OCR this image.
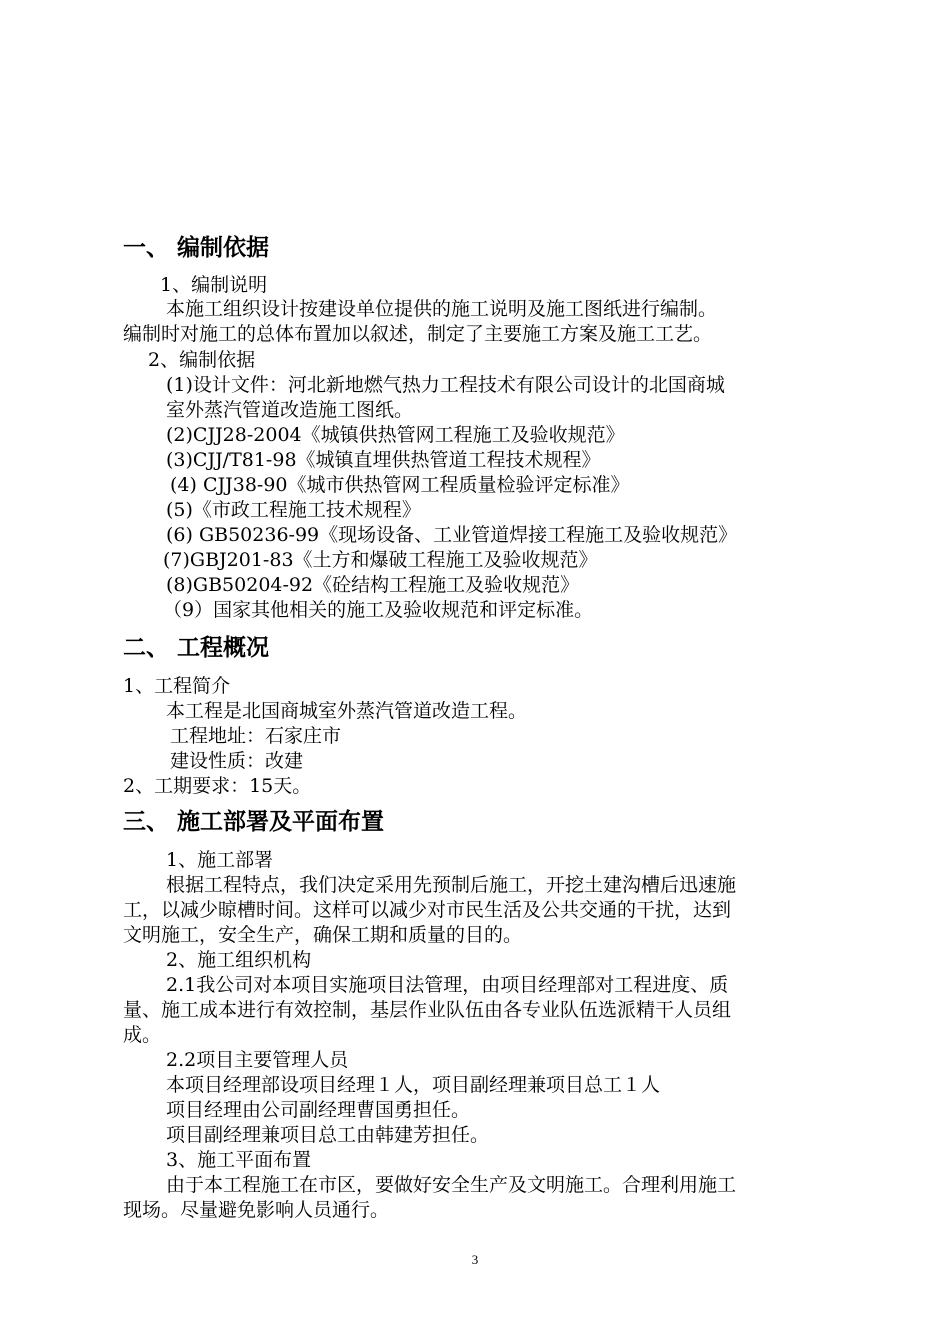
一、 编制依据
1、编制说明
本施工组织设计按建设单位提供的施工说明及施工图纸进行编制。
编制时对施工的总体布置加以叙述，制定了主要施工方案及施工工艺。
2、编制依据
(1)设计文件：河北新地燃气热力工程技术有限公司设计的北国商城
室外蒸汽管道改造施工图纸。
(2)CJJ28-2004《城镇供热管网工程施工及验收规范》
(3)CJJ/T81-98《城镇直埋供热管道工程技术规程》
(4) CJJ38-90《城市供热管网工程质量检验评定标准》
(5)《市政工程施工技术规程》
(6) GB50236-99《现场设备、工业管道焊接工程施工及验收规范》
(7)GBJ201-83《土方和爆破工程施工及验收规范》
(8)GB50204-92《砼结构工程施工及验收规范》
（9）国家其他相关的施工及验收规范和评定标准。
二、 工程概况
1、工程简介
本工程是北国商城室外蒸汽管道改造工程。
工程地址：石家庄市
建设性质：改建
2、工期要求：15天。
三、 施工部署及平面布置
1、施工部署
根据工程特点，我们决定采用先预制后施工，开挖土建沟槽后迅速施
工，以减少晾槽时间。这样可以减少对市民生活及公共交通的干扰，达到
文明施工，安全生产，确保工期和质量的目的。
2、施工组织机构
2.1我公司对本项目实施项目法管理，由项目经理部对工程进度、质
量、施工成本进行有效控制，基层作业队伍由各专业队伍选派精干人员组
成。
2.2项目主要管理人员
本项目经理部设项目经理１人，项目副经理兼项目总工１人
项目经理由公司副经理曹国勇担任。
项目副经理兼项目总工由韩建芳担任。
3、施工平面布置
由于本工程施工在市区，要做好安全生产及文明施工。合理利用施工
现场。尽量避免影响人员通行。
3
